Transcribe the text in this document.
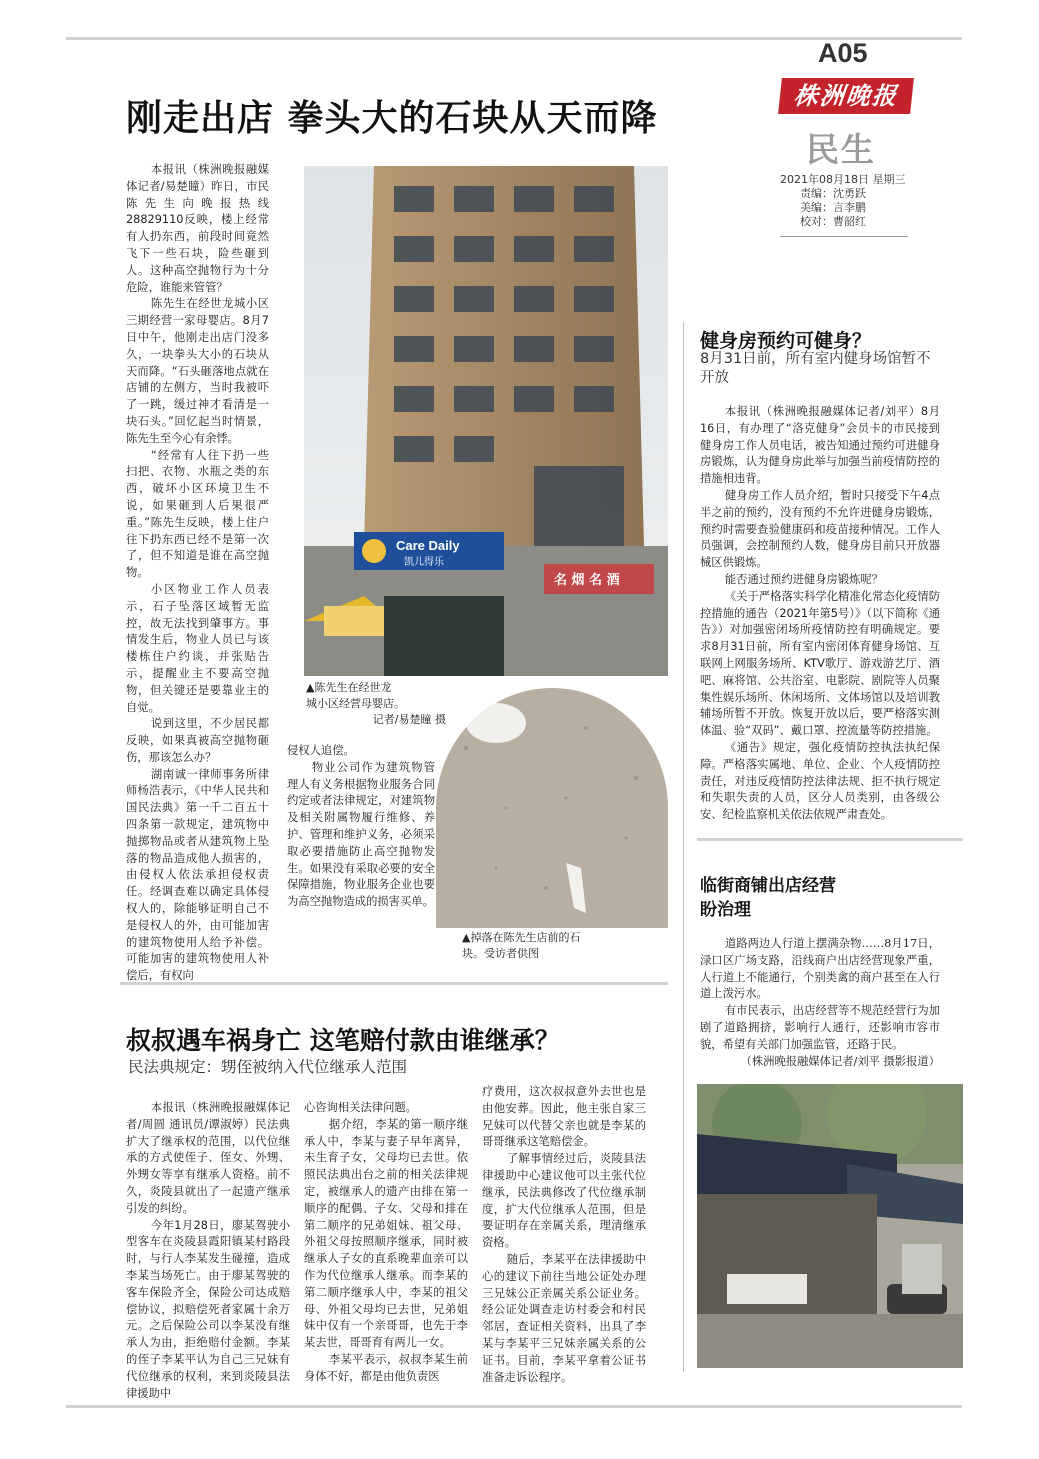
A05
株洲晚报
民生
2021年08月18日 星期三
责编：沈勇跃
美编：言李鹏
校对：曹韶红
刚走出店 拳头大的石块从天而降

本报讯（株洲晚报融媒体记者/易楚瞳）昨日，市民陈先生向晚报热线28829110反映，楼上经常有人扔东西，前段时间竟然飞下一些石块，险些砸到人。这种高空抛物行为十分危险，谁能来管管？

陈先生在经世龙城小区三期经营一家母婴店。8月7日中午，他刚走出店门没多久，一块拳头大小的石块从天而降。“石头砸落地点就在店铺的左侧方，当时我被吓了一跳，缓过神才看清是一块石头。”回忆起当时情景，陈先生至今心有余悸。

“经常有人往下扔一些扫把、衣物、水瓶之类的东西，破坏小区环境卫生不说，如果砸到人后果很严重。”陈先生反映，楼上住户往下扔东西已经不是第一次了，但不知道是谁在高空抛物。

小区物业工作人员表示，石子坠落区域暂无监控，故无法找到肇事方。事情发生后，物业人员已与该楼栋住户约谈，并张贴告示，提醒业主不要高空抛物，但关键还是要靠业主的自觉。

说到这里，不少居民都反映，如果真被高空抛物砸伤，那该怎么办？

湖南诚一律师事务所律师杨浩表示，《中华人民共和国民法典》第一千二百五十四条第一款规定，建筑物中抛掷物品或者从建筑物上坠落的物品造成他人损害的，由侵权人依法承担侵权责任。经调查难以确定具体侵权人的，除能够证明自己不是侵权人的外，由可能加害的建筑物使用人给予补偿。可能加害的建筑物使用人补偿后，有权向

Care Daily
凯儿得乐
名 烟 名 酒
▲陈先生在经世龙
城小区经营母婴店。
记者/易楚瞳 摄

侵权人追偿。

物业公司作为建筑物管理人有义务根据物业服务合同约定或者法律规定，对建筑物及相关附属物履行维修、养护、管理和维护义务，必须采取必要措施防止高空抛物发生。如果没有采取必要的安全保障措施，物业服务企业也要为高空抛物造成的损害买单。

▲掉落在陈先生店前的石
块。受访者供图
健身房预约可健身？
8月31日前，所有室内健身场馆暂不开放

本报讯（株洲晚报融媒体记者/刘平）8月16日，有办理了“洛克健身”会员卡的市民接到健身房工作人员电话，被告知通过预约可进健身房锻炼，认为健身房此举与加强当前疫情防控的措施相违背。

健身房工作人员介绍，暂时只接受下午4点半之前的预约，没有预约不允许进健身房锻炼，预约时需要查验健康码和疫苗接种情况。工作人员强调，会控制预约人数，健身房目前只开放器械区供锻炼。

能否通过预约进健身房锻炼呢？

《关于严格落实科学化精准化常态化疫情防控措施的通告（2021年第5号）》（以下简称《通告》）对加强密闭场所疫情防控有明确规定。要求8月31日前，所有室内密闭体育健身场馆、互联网上网服务场所、KTV歌厅、游戏游艺厅、酒吧、麻将馆、公共浴室、电影院、剧院等人员聚集性娱乐场所、休闲场所、文体场馆以及培训教辅场所暂不开放。恢复开放以后，要严格落实测体温、验“双码”、戴口罩、控流量等防控措施。

《通告》规定，强化疫情防控执法执纪保障。严格落实属地、单位、企业、个人疫情防控责任，对违反疫情防控法律法规、拒不执行规定和失职失责的人员，区分人员类别，由各级公安、纪检监察机关依法依规严肃查处。

临街商铺出店经营
盼治理

道路两边人行道上摆满杂物……8月17日，渌口区广场支路，沿线商户出店经营现象严重，人行道上不能通行，个别类禽的商户甚至在人行道上泼污水。

有市民表示，出店经营等不规范经营行为加剧了道路拥挤，影响行人通行，还影响市容市貌，希望有关部门加强监管，还路于民。

（株洲晚报融媒体记者/刘平 摄影报道）

叔叔遇车祸身亡 这笔赔付款由谁继承？
民法典规定：甥侄被纳入代位继承人范围

本报讯（株洲晚报融媒体记者/周圆 通讯员/谭淑婷）民法典扩大了继承权的范围，以代位继承的方式使侄子、侄女、外甥、外甥女等享有继承人资格。前不久，炎陵县就出了一起遗产继承引发的纠纷。

今年1月28日，廖某驾驶小型客车在炎陵县霞阳镇某村路段时，与行人李某发生碰撞，造成李某当场死亡。由于廖某驾驶的客车保险齐全，保险公司达成赔偿协议，拟赔偿死者家属十余万元。之后保险公司以李某没有继承人为由，拒绝赔付金额。李某的侄子李某平认为自己三兄妹有代位继承的权利，来到炎陵县法律援助中

心咨询相关法律问题。

据介绍，李某的第一顺序继承人中，李某与妻子早年离异，未生育子女，父母均已去世。依照民法典出台之前的相关法律规定，被继承人的遗产由排在第一顺序的配偶、子女、父母和排在第二顺序的兄弟姐妹、祖父母、外祖父母按照顺序继承，同时被继承人子女的直系晚辈血亲可以作为代位继承人继承。而李某的第二顺序继承人中，李某的祖父母、外祖父母均已去世，兄弟姐妹中仅有一个亲哥哥，也先于李某去世，哥哥育有两儿一女。

李某平表示，叔叔李某生前身体不好，都是由他负责医

疗费用，这次叔叔意外去世也是由他安葬。因此，他主张自家三兄妹可以代替父亲也就是李某的哥哥继承这笔赔偿金。

了解事情经过后，炎陵县法律援助中心建议他可以主张代位继承，民法典修改了代位继承制度，扩大代位继承人范围，但是要证明存在亲属关系，理清继承资格。

随后，李某平在法律援助中心的建议下前往当地公证处办理三兄妹公正亲属关系公证业务。经公证处调查走访村委会和村民邻居，查证相关资料，出具了李某与李某平三兄妹亲属关系的公证书。目前，李某平拿着公证书准备走诉讼程序。
